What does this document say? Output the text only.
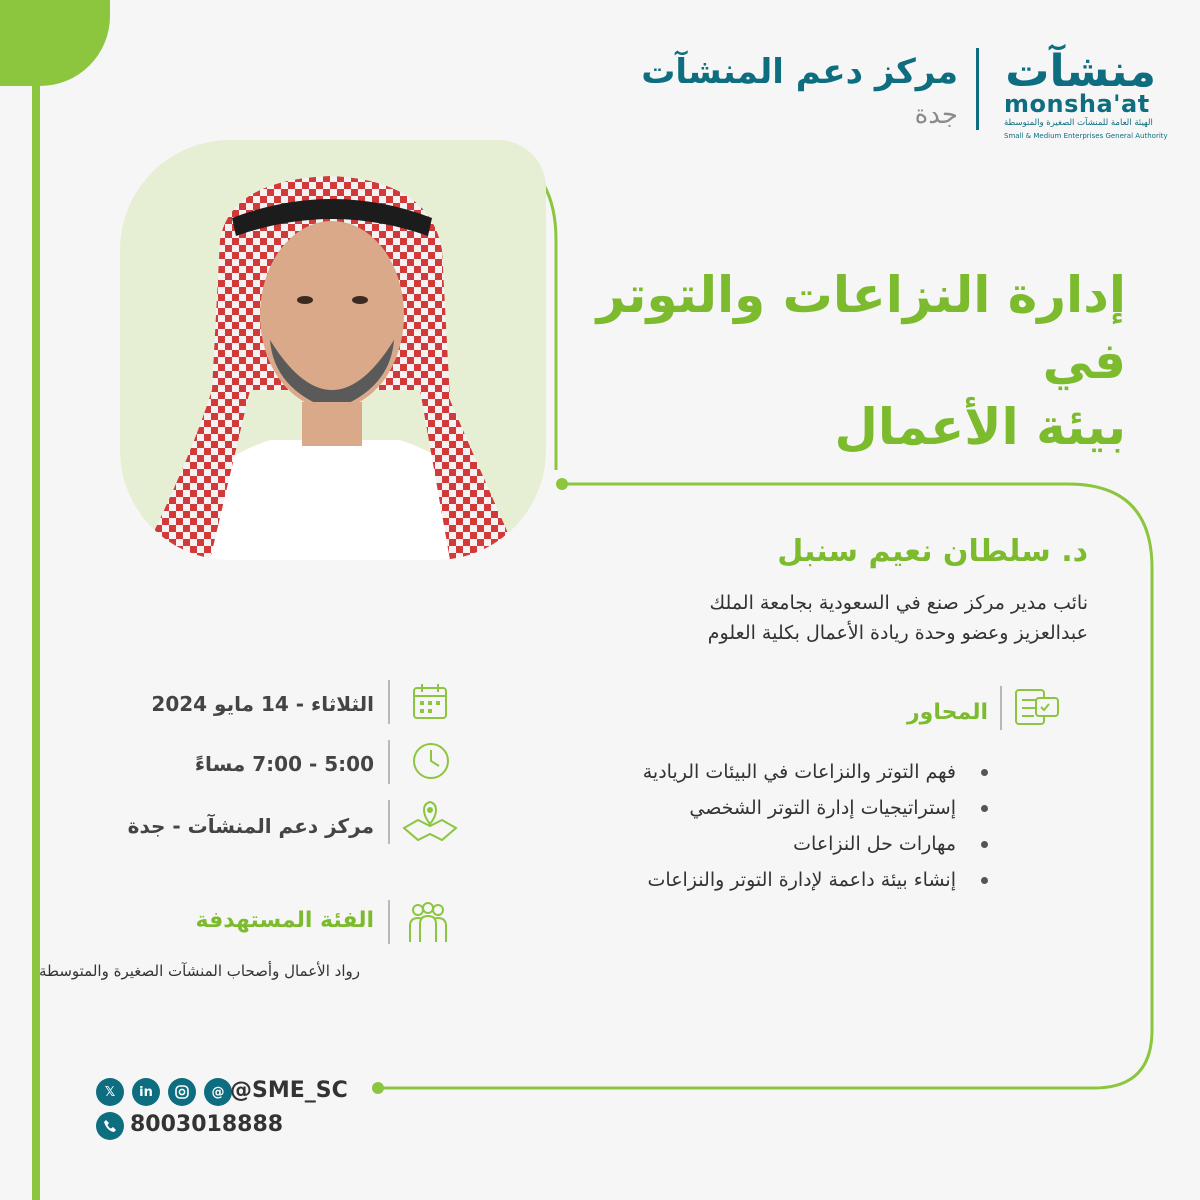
مركز دعم المنشآت
جدة
منشآت
monsha'at
الهيئة العامة للمنشآت الصغيرة والمتوسطة
Small & Medium Enterprises General Authority
إدارة النزاعات والتوتر في
بيئة الأعمال
د. سلطان نعيم سنبل
نائب مدير مركز صنع في السعودية بجامعة الملك
عبدالعزيز وعضو وحدة ريادة الأعمال بكلية العلوم
المحاور
فهم التوتر والنزاعات في البيئات الريادية
إستراتيجيات إدارة التوتر الشخصي
مهارات حل النزاعات
إنشاء بيئة داعمة لإدارة التوتر والنزاعات
الثلاثاء - 14 مايو 2024
5:00 - 7:00 مساءً
مركز دعم المنشآت - جدة
الفئة المستهدفة
رواد الأعمال وأصحاب المنشآت الصغيرة والمتوسطة
𝕏	in	@ @SME_SC
8003018888
